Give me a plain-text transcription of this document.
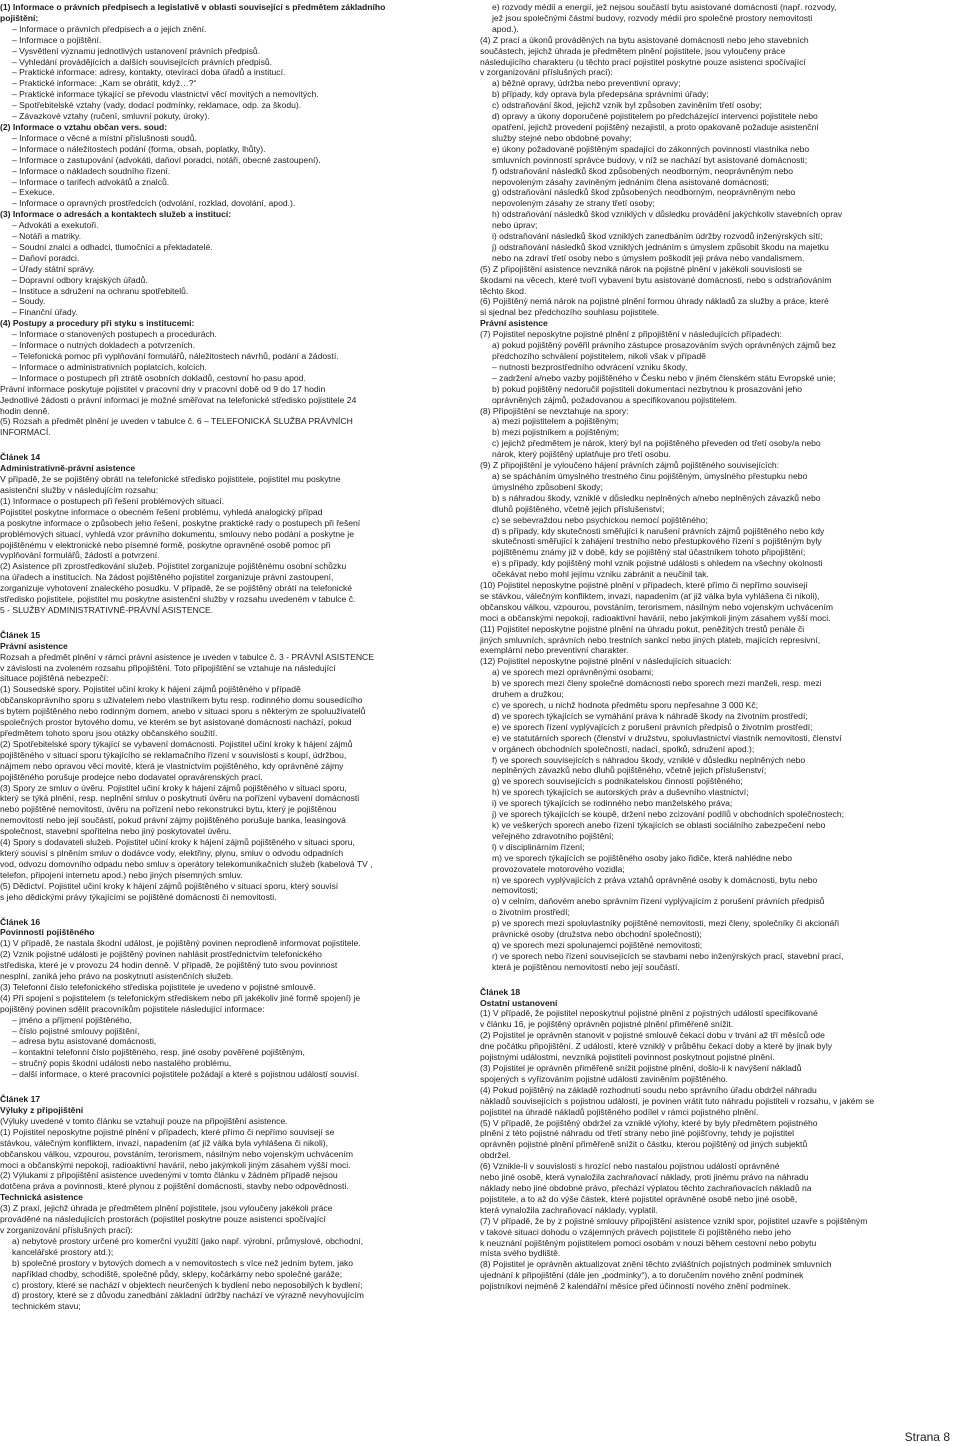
(1) Informace o právních předpisech a legislativě v oblasti související s předmětem základního

pojištění:

– Informace o právních předpisech a o jejich znění.

– Informace o pojištění.

– Vysvětlení významu jednotlivých ustanovení právních předpisů.

– Vyhledání provádějících a dalších souvisejících právních předpisů.

– Praktické informace: adresy, kontakty, otevírací doba úřadů a institucí.

– Praktické informace: „Kam se obrátit, když…?“

– Praktické informace týkající se převodu vlastnictví věcí movitých a nemovitých.

– Spotřebitelské vztahy (vady, dodací podmínky, reklamace, odp. za škodu).

– Závazkové vztahy (ručení, smluvní pokuty, úroky).

(2) Informace o vztahu občan vers. soud:

– Informace o věcné a místní příslušnosti soudů.

– Informace o náležitostech podání (forma, obsah, poplatky, lhůty).

– Informace o zastupování (advokáti, daňoví poradci, notáři, obecné zastoupení).

– Informace o nákladech soudního řízení.

– Informace o tarifech advokátů a znalců.

– Exekuce.

– Informace o opravných prostředcích (odvolání, rozklad, dovolání, apod.).

(3) Informace o adresách a kontaktech služeb a institucí:

– Advokáti a exekutoři.

– Notáři a matriky.

– Soudní znalci a odhadci, tlumočníci a překladatelé.

– Daňoví poradci.

– Úřady státní správy.

– Dopravní odbory krajských úřadů.

– Instituce a sdružení na ochranu spotřebitelů.

– Soudy.

– Finanční úřady.

(4) Postupy a procedury při styku s institucemi:

– Informace o stanovených postupech a procedurách.

– Informace o nutných dokladech a potvrzeních.

– Telefonická pomoc při vyplňování formulářů, náležitostech návrhů, podání a žádostí.

– Informace o administrativních poplatcích, kolcích.

– Informace o postupech při ztrátě osobních dokladů, cestovní ho pasu apod.

Právní informace poskytuje pojistitel v pracovní dny v pracovní době od 9 do 17 hodin

Jednotlivé žádosti o právní informaci je možné směřovat na telefonické středisko pojistitele 24

hodin denně.

(5) Rozsah a předmět plnění je uveden v tabulce č. 6 – TELEFONICKÁ SLUŽBA PRÁVNÍCH

INFORMACÍ.

Článek 14

Administrativně-právní asistence

V případě, že se pojištěný obrátí na telefonické středisko pojistitele, pojistitel mu poskytne

asistenční služby v následujícím rozsahu:

(1) Informace o postupech při řešení problémových situací.

Pojistitel poskytne informace o obecném řešení problému, vyhledá analogický případ

a poskytne informace o způsobech jeho řešení, poskytne praktické rady o postupech při řešení

problémových situací, vyhledá vzor právního dokumentu, smlouvy nebo podání a poskytne je

pojištěnému v elektronické nebo písemné formě, poskytne opravněné osobě pomoc při

vyplňování formulářů, žádostí a potvrzení.

(2) Asistence při zprostředkování služeb. Pojistitel zorganizuje pojištěnému osobní schůzku

na úřadech a institucích. Na žádost pojištěného pojistitel zorganizuje právní zastoupení,

zorganizuje vyhotovení znaleckého posudku. V případě, že se pojištěný obrátí na telefonické

středisko pojistitele, pojistitel mu poskytne asistenční služby v rozsahu uvedeném v tabulce č.

5 - SLUŽBY ADMINISTRATIVNĚ-PRÁVNÍ ASISTENCE.

Článek 15

Právní asistence

Rozsah a předmět plnění v rámci právní asistence je uveden v tabulce č. 3 - PRÁVNÍ ASISTENCE

v závislosti na zvoleném rozsahu připojištění. Toto připojištění se vztahuje na následující

situace pojištěná nebezpečí:

(1) Sousedské spory. Pojistitel učiní kroky k hájení zájmů pojištěného v případě

občanskoprávního sporu s uživatelem nebo vlastníkem bytu resp. rodinného domu sousedícího

s bytem pojištěného nebo rodinným domem, anebo v situaci sporu s některým ze spoluuživatelů

společných prostor bytového domu, ve kterém se byt asistované domácnosti nachází, pokud

předmětem tohoto sporu jsou otázky občanského soužití.

(2) Spotřebitelské spory týkající se vybavení domácnosti. Pojistitel učiní kroky k hájení zájmů

pojištěného v situaci sporu týkajícího se reklamačního řízení v souvislosti s koupí, údržbou,

nájmem nebo opravou věci movité, která je vlastnictvím pojištěného, kdy oprávněné zájmy

pojištěného porušuje prodejce nebo dodavatel opravárenských prací.

(3) Spory ze smluv o úvěru. Pojistitel učiní kroky k hájení zájmů pojištěného v situaci sporu,

který se týká plnění, resp. neplnění smluv o poskytnutí úvěru na pořízení vybavení domácnosti

nebo pojištěné nemovitosti, úvěru na pořízení nebo rekonstrukci bytu, který je pojištěnou

nemovitostí nebo její součástí, pokud právní zájmy pojištěného porušuje banka, leasingová

společnost, stavební spořitelna nebo jiný poskytovatel úvěru.

(4) Spory s dodavateli služeb. Pojistitel učiní kroky k hájení zájmů pojištěného v situaci sporu,

který souvisí s plněním smluv o dodávce vody, elektřiny, plynu, smluv o odvodu odpadních

vod, odvozu domovního odpadu nebo smluv s operátory telekomunikačních služeb (kabelová TV ,

telefon, připojení internetu apod.) nebo jiných písemných smluv.

(5) Dědictví. Pojistitel učiní kroky k hájení zájmů pojištěného v situaci sporu, který souvisí

s jeho dědickými právy týkajícími se pojištěné domácnosti či nemovitosti.

Článek 16

Povinnosti pojištěného

(1) V případě, že nastala škodní událost, je pojištěný povinen neprodleně informovat pojistitele.

(2) Vznik pojistné události je pojištěný povinen nahlásit prostřednictvím telefonického

střediska, které je v provozu 24 hodin denně. V případě, že pojištěný tuto svou povinnost

nesplní, zaniká jeho právo na poskytnutí asistenčních služeb.

(3) Telefonní číslo telefonického střediska pojistitele je uvedeno v pojistné smlouvě.

(4) Při spojení s pojistitelem (s telefonickým střediskem nebo při jakékoliv jiné formě spojení) je

pojištěný povinen sdělit pracovníkům pojistitele následující informace:

– jméno a příjmení pojištěného,

– číslo pojistné smlouvy pojištění,

– adresa bytu asistované domácnosti,

– kontaktní telefonní číslo pojištěného, resp. jiné osoby pověřené pojištěným,

– stručný popis škodní události nebo nastalého problému,

– další informace, o které pracovníci pojistitele požádají a které s pojistnou událostí souvisí.

Článek 17

Výluky z připojištění

(Výluky uvedené v tomto článku se vztahují pouze na připojištění asistence.

(1) Pojistitel neposkytne pojistné plnění v případech, které přímo či nepřímo souvisejí se

stávkou, válečným konfliktem, invazí, napadením (ať již válka byla vyhlášena či nikoli),

občanskou válkou, vzpourou, povstáním, terorismem, násilným nebo vojenským uchvácením

moci a občanskými nepokoji, radioaktivní havárií, nebo jakýmkoli jiným zásahem vyšší moci.

(2) Výlukami z připojištění asistence uvedenými v tomto článku v žádném případě nejsou

dotčena práva a povinnosti, které plynou z pojištění domácnosti, stavby nebo odpovědnosti.

Technická asistence

(3) Z praxí, jejichž úhrada je předmětem plnění pojistitele, jsou vyloučeny jakékoli práce

prováděné na následujících prostorách (pojistitel poskytne pouze asistenci spočívající

v zorganizování příslušných prací):

a) nebytové prostory určené pro komerční využití (jako např. výrobní, průmyslové, obchodní,

kancelářské prostory atd.);

b) společné prostory v bytových domech a v nemovitostech s více než jedním bytem, jako

například chodby, schodiště, společné půdy, sklepy, kočárkárny nebo společné garáže;

c) prostory, které se nachází v objektech neurčených k bydlení nebo neposobilých k bydlení;

d) prostory, které se z důvodu zanedbání základní údržby nachází ve výrazně nevyhovujícím

technickém stavu;

e) rozvody médií a energií, jež nejsou součástí bytu asistované domácnosti (např. rozvody,

jež jsou společnými částmi budovy, rozvody médií pro společné prostory nemovitosti

apod.).

(4) Z prací a úkonů prováděných na bytu asistované domácnosti nebo jeho stavebních

součástech, jejichž úhrada je předmětem plnění pojistitele, jsou vyloučeny práce

následujícího charakteru (u těchto prací pojistitel poskytne pouze asistenci spočívající

v zorganizování příslušných prací):

a) běžné opravy, údržba nebo preventivní opravy;

b) případy, kdy oprava byla předepsána správními úřady;

c) odstraňování škod, jejichž vznik byl způsoben zaviněním třetí osoby;

d) opravy a úkony doporučené pojistitelem po předcházející intervenci pojistitele nebo

opatření, jejichž provedení pojištěný nezajistil, a proto opakovaně požaduje asistenční

služby stejné nebo obdobné povahy;

e) úkony požadované pojištěným spadající do zákonných povinností vlastníka nebo

smluvních povinností správce budovy, v níž se nachází byt asistované domácnosti;

f) odstraňování následků škod způsobených neodborným, neoprávněným nebo

nepovoleným zásahy zaviněným jednáním člena asistované domácnosti;

g) odstraňování následků škod způsobených neodborným, neoprávněným nebo

nepovoleným zásahy ze strany třetí osoby;

h) odstraňování následků škod vzniklých v důsledku provádění jakýchkoliv stavebních oprav

nebo úprav;

i) odstraňování následků škod vzniklých zanedbáním údržby rozvodů inženýrských sítí;

j) odstraňování následků škod vzniklých jednáním s úmyslem způsobit škodu na majetku

nebo na zdraví třetí osoby nebo s úmyslem poškodit jeji práva nebo vandalismem.

(5) Z připojištění asistence nevzniká nárok na pojistné plnění v jakékoli souvislosti se

škodami na věcech, které tvoří vybavení bytu asistované domácnosti, nebo s odstraňováním

těchto škod.

(6) Pojištěný nemá nárok na pojistné plnění formou úhrady nákladů za služby a práce, které

si sjednal bez předchozího souhlasu pojistitele.

Právní asistence

(7) Pojistitel neposkytne pojistné plnění z připojištění v následujících případech:

a) pokud pojištěný pověřil právního zástupce prosazováním svých oprávněných zájmů bez

předchozího schválení pojistitelem, nikoli však v případě

– nutnosti bezprostředního odvrácení vzniku škody,

– zadržení a/nebo vazby pojištěného v Česku nebo v jiném členském státu Evropské unie;

b) pokud pojištěný nedoručil pojistiteli dokumentaci nezbytnou k prosazování jeho

oprávněných zájmů, požadovanou a specifikovanou pojistitelem.

(8) Připojištění se nevztahuje na spory:

a) mezi pojistitelem a pojištěným;

b) mezi pojistníkem a pojištěným;

c) jejichž předmětem je nárok, který byl na pojištěného převeden od třetí osoby/a nebo

nárok, který pojištěný uplatňuje pro třetí osobu.

(9) Z připojištění je vyloučeno hájení právních zájmů pojištěného souvisejících:

a) se spácháním úmyslného trestného činu pojištěným, úmyslného přestupku nebo

úmyslného způsobení škody;

b) s náhradou škody, vzniklé v důsledku neplněných a/nebo neplněných závazků nebo

dluhů pojištěného, včetně jejich příslušenství;

c) se sebevraždou nebo psychickou nemocí pojištěného;

d) s případy, kdy skutečnosti směřující k narušení právních zájmů pojištěného nebo kdy

skutečnosti směřující k zahájení trestního nebo přestupkového řízení s pojištěným byly

pojištěnému známy již v době, kdy se pojištěný stal účastníkem tohoto připojištění;

e) s případy, kdy pojištěný mohl vznik pojistné události s ohledem na všechny okolnosti

očekávat nebo mohl jejímu vzniku zabránit a neučinil tak.

(10) Pojistitel neposkytne pojistné plnění v případech, které přímo či nepřímo souvisejí

se stávkou, válečným konfliktem, invazí, napadením (ať již válka byla vyhlášena či nikoli),

občanskou válkou, vzpourou, povstáním, terorismem, násilným nebo vojenským uchvácením

moci a občanskými nepokoji, radioaktivní havárií, nebo jakýmkoli jiným zásahem vyšší moci.

(11) Pojistitel neposkytne pojistné plnění na úhradu pokut, peněžitých trestů penále či

jiných smluvních, správních nebo trestních sankcí nebo jiných plateb, majících represivní,

exemplární nebo preventivní charakter.

(12) Pojistitel neposkytne pojistné plnění v následujících situacích:

a) ve sporech mezi oprávněnými osobami;

b) ve sporech mezi členy společné domácnosti nebo sporech mezi manželi, resp. mezi

druhem a družkou;

c) ve sporech, u nichž hodnota předmětu sporu nepřesahne 3 000 Kč;

d) ve sporech týkajících se vymáhání práva k náhradě škody na životním prostředí;

e) ve sporech řízení vyplývajících z porušení právních předpisů o životním prostředí;

e) ve statutárních sporech (členství v družstvu, spoluvlastnictví vlastník nemovitosti, členství

v orgánech obchodních společností, nadací, spolků, sdružení apod.);

f) ve sporech souvisejících s náhradou škody, vzniklé v důsledku neplněných nebo

neplněných závazků nebo dluhů pojištěného, včetně jejich příslušenství;

g) ve sporech souvisejících s podnikatelskou činností pojištěného;

h) ve sporech týkajících se autorských práv a duševního vlastnictví;

i) ve sporech týkajících se rodinného nebo manželského práva;

j) ve sporech týkajících se koupě, držení nebo zcizování podílů v obchodních společnostech;

k) ve veškerých sporech anebo řízení týkajících se oblasti sociálního zabezpečení nebo

veřejného zdravotního pojištění;

l) v disciplinárním řízení;

m) ve sporech týkajících se pojištěného osoby jako řidiče, která nahlédne nebo

provozovatele motorového vozidla;

n) ve sporech vyplývajících z práva vztahů oprávněné osoby k domácnosti, bytu nebo

nemovitosti;

o) v celním, daňovém anebo správním řízení vyplývajícím z porušení právních předpisů

o životním prostředí;

p) ve sporech mezi spoluvlastníky pojištěné nemovitosti, mezi členy, společníky či akcionáři

právnické osoby (družstva nebo obchodní společnosti);

q) ve sporech mezi spolunajemci pojištěné nemovitosti;

r) ve sporech nebo řízení souvisejících se stavbami nebo inženýrských prací, stavební prací,

která je pojištěnou nemovitostí nebo její součástí.

Článek 18

Ostatní ustanovení

(1) V případě, že pojistitel neposkytnul pojistné plnění z pojistných událostí specifikované

v článku 16, je pojištěný oprávněn pojistné plnění přiměřeně snížit.

(2) Pojistitel je oprávněn stanovit v pojistné smlouvě čekací dobu v trvání až tří měsíců ode

dne počátku připojištění. Z událostí, které vzniklý v průběhu čekací doby a které by jinak byly

pojistnými událostmi, nevzniká pojistiteli povinnost poskytnout pojistné plnění.

(3) Pojistitel je oprávněn přiměřeně snížit pojistné plnění, došlo-li k navýšení nákladů

spojených s vyřizováním pojistné události zaviněním pojištěného.

(4) Pokud pojištěný na základě rozhodnutí soudu nebo správního úřadu obdržel náhradu

nákladů souvisejících s pojistnou událostí, je povinen vrátit tuto náhradu pojistiteli v rozsahu, v jakém se

pojistitel na úhradě nákladů pojištěného podílel v rámci pojistného plnění.

(5) V případě, že pojištěný obdržel za vzniklé výlohy, které by byly předmětem pojistného

plnění z této pojistné náhradu od třetí strany nebo jiné pojišťovny, tehdy je pojistitel

oprávněn pojistné plnění přiměřeně snížit o částku, kterou pojištěný od jiných subjektů

obdržel.

(6) Vznikle-li v souvislosti s hrozící nebo nastalou pojistnou událostí oprávněné

nebo jiné osobě, která vynaložila zachraňovací náklady, proti jinému právo na náhradu

náklady nebo jiné obdobné právo, přechází výplatou těchto zachraňovacích nákladů na

pojistitele, a to až do výše částek, které pojistitel oprávněné osobě nebo jiné osobě,

která vynaložila zachraňovací náklady, vyplatil.

(7) V případě, že by z pojistné smlouvy připojištění asistence vznikl spor, pojistitel uzavře s pojištěným

v takové situaci dohodu o vzájemných právech pojistitele či pojištěného nebo jeho

k neuznání pojištěným pojistitelem pomoci osobám v nouzi během cestovní nebo pobytu

místa svého bydliště.

(8) Pojistitel je oprávněn aktualizovat znění těchto zvláštních pojistných podmínek smluvních

ujednání k připojištění (dále jen „podmínky“), a to doručením nového znění podmínek

pojistníkovi nejméně 2 kalendářní měsíce před účinností nového znění podmínek.

Strana 8
